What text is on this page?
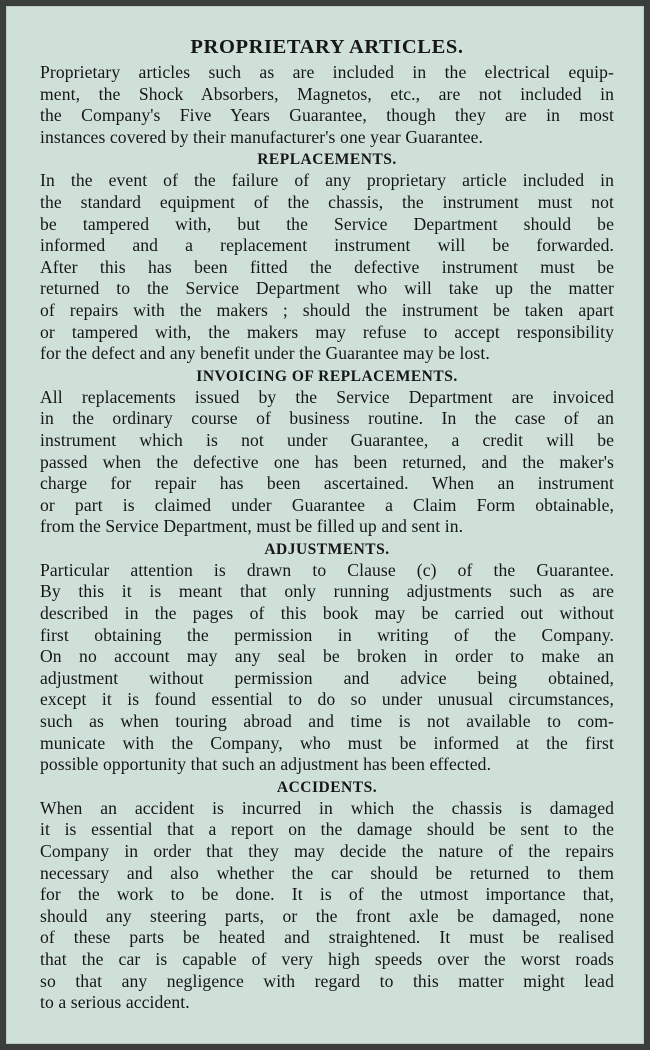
PROPRIETARY ARTICLES.

Proprietary articles such as are included in the electrical equip-
ment, the Shock Absorbers, Magnetos, etc., are not included in
the Company's Five Years Guarantee, though they are in most
instances covered by their manufacturer's one year Guarantee.

REPLACEMENTS.

In the event of the failure of any proprietary article included in
the standard equipment of the chassis, the instrument must not
be tampered with, but the Service Department should be
informed and a replacement instrument will be forwarded.
After this has been fitted the defective instrument must be
returned to the Service Department who will take up the matter
of repairs with the makers ; should the instrument be taken apart
or tampered with, the makers may refuse to accept responsibility
for the defect and any benefit under the Guarantee may be lost.

INVOICING OF REPLACEMENTS.

All replacements issued by the Service Department are invoiced
in the ordinary course of business routine. In the case of an
instrument which is not under Guarantee, a credit will be
passed when the defective one has been returned, and the maker's
charge for repair has been ascertained. When an instrument
or part is claimed under Guarantee a Claim Form obtainable,
from the Service Department, must be filled up and sent in.

ADJUSTMENTS.

Particular attention is drawn to Clause (c) of the Guarantee.
By this it is meant that only running adjustments such as are
described in the pages of this book may be carried out without
first obtaining the permission in writing of the Company.
On no account may any seal be broken in order to make an
adjustment without permission and advice being obtained,
except it is found essential to do so under unusual circumstances,
such as when touring abroad and time is not available to com-
municate with the Company, who must be informed at the first
possible opportunity that such an adjustment has been effected.

ACCIDENTS.

When an accident is incurred in which the chassis is damaged
it is essential that a report on the damage should be sent to the
Company in order that they may decide the nature of the repairs
necessary and also whether the car should be returned to them
for the work to be done. It is of the utmost importance that,
should any steering parts, or the front axle be damaged, none
of these parts be heated and straightened. It must be realised
that the car is capable of very high speeds over the worst roads
so that any negligence with regard to this matter might lead
to a serious accident.
